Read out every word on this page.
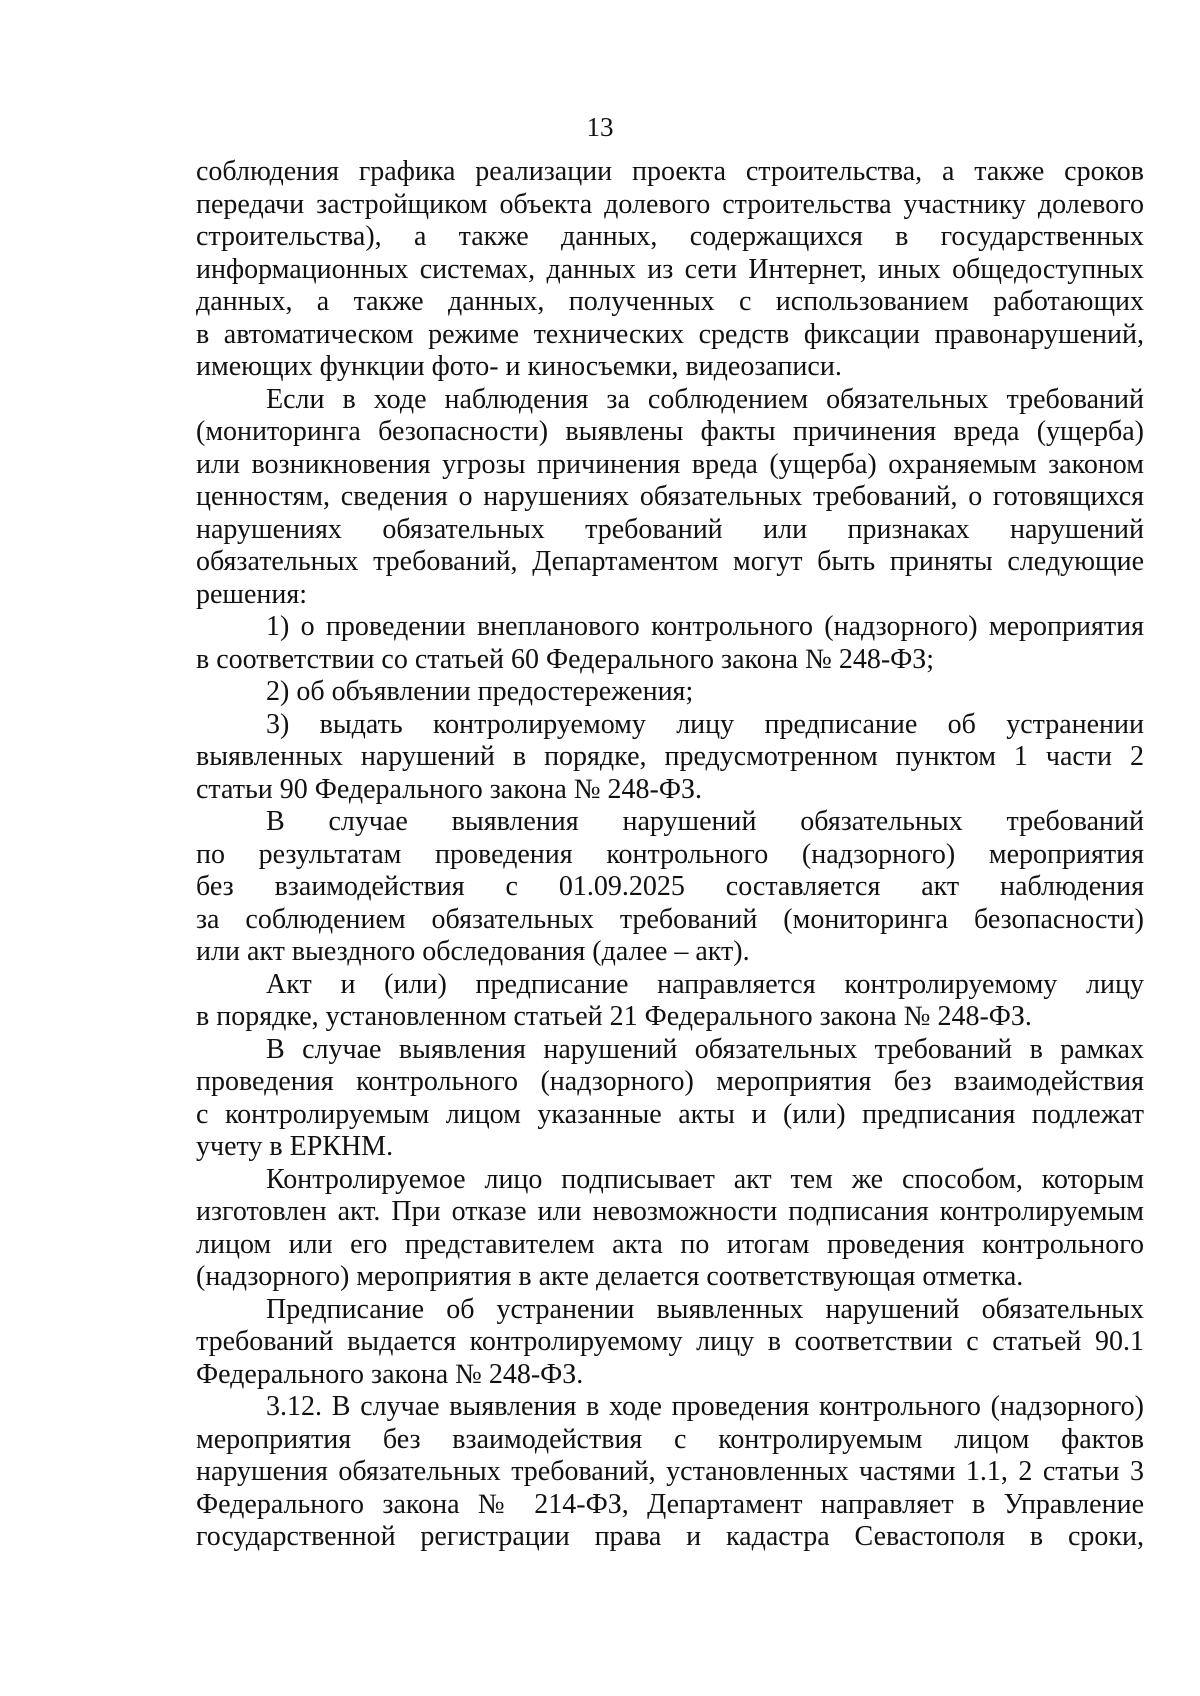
13
соблюдения графика реализации проекта строительства, а также сроков
передачи застройщиком объекта долевого строительства участнику долевого
строительства), а также данных, содержащихся в государственных
информационных системах, данных из сети Интернет, иных общедоступных
данных, а также данных, полученных с использованием работающих
в автоматическом режиме технических средств фиксации правонарушений,
имеющих функции фото- и киносъемки, видеозаписи.
Если в ходе наблюдения за соблюдением обязательных требований
(мониторинга безопасности) выявлены факты причинения вреда (ущерба)
или возникновения угрозы причинения вреда (ущерба) охраняемым законом
ценностям, сведения о нарушениях обязательных требований, о готовящихся
нарушениях обязательных требований или признаках нарушений
обязательных требований, Департаментом могут быть приняты следующие
решения:
1) о проведении внепланового контрольного (надзорного) мероприятия
в соответствии со статьей 60 Федерального закона № 248-ФЗ;
2) об объявлении предостережения;
3) выдать контролируемому лицу предписание об устранении
выявленных нарушений в порядке, предусмотренном пунктом 1 части 2
статьи 90 Федерального закона № 248-ФЗ.
В случае выявления нарушений обязательных требований
по результатам проведения контрольного (надзорного) мероприятия
без взаимодействия с 01.09.2025 составляется акт наблюдения
за соблюдением обязательных требований (мониторинга безопасности)
или акт выездного обследования (далее – акт).
Акт и (или) предписание направляется контролируемому лицу
в порядке, установленном статьей 21 Федерального закона № 248-ФЗ.
В случае выявления нарушений обязательных требований в рамках
проведения контрольного (надзорного) мероприятия без взаимодействия
с контролируемым лицом указанные акты и (или) предписания подлежат
учету в ЕРКНМ.
Контролируемое лицо подписывает акт тем же способом, которым
изготовлен акт. При отказе или невозможности подписания контролируемым
лицом или его представителем акта по итогам проведения контрольного
(надзорного) мероприятия в акте делается соответствующая отметка.
Предписание об устранении выявленных нарушений обязательных
требований выдается контролируемому лицу в соответствии с статьей 90.1
Федерального закона № 248-ФЗ.
3.12. В случае выявления в ходе проведения контрольного (надзорного)
мероприятия без взаимодействия с контролируемым лицом фактов
нарушения обязательных требований, установленных частями 1.1, 2 статьи 3
Федерального закона № 214-ФЗ, Департамент направляет в Управление
государственной регистрации права и кадастра Севастополя в сроки,
